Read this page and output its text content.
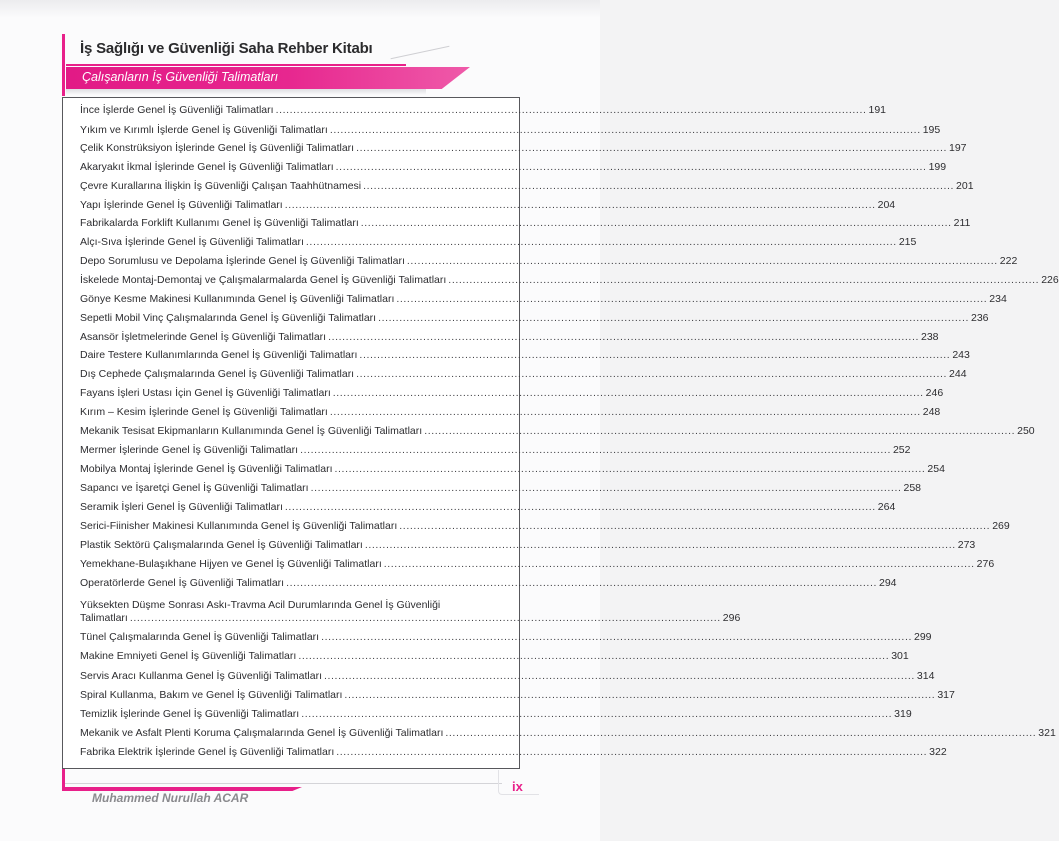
İş Sağlığı ve Güvenliği Saha Rehber Kitabı
Çalışanların İş Güvenliği Talimatları
İnce İşlerde Genel İş Güvenliği Talimatları .....	191
Yıkım ve Kırımlı İşlerde Genel İş Güvenliği Talimatları .....	195
Çelik Konstrüksiyon İşlerinde Genel İş Güvenliği Talimatları .....	197
Akaryakıt İkmal İşlerinde Genel İş Güvenliği Talimatları .....	199
Çevre Kurallarına İlişkin İş Güvenliği Çalışan Taahhütnamesi .....	201
Yapı İşlerinde Genel İş Güvenliği Talimatları .....	204
Fabrikalarda Forklift Kullanımı Genel İş Güvenliği Talimatları .....	211
Alçı-Sıva İşlerinde Genel İş Güvenliği Talimatları .....	215
Depo Sorumlusu ve Depolama İşlerinde Genel İş Güvenliği Talimatları .....	222
İskelede Montaj-Demontaj ve Çalışmalarmalarda Genel İş Güvenliği Talimatları .....	226
Gönye Kesme Makinesi Kullanımında Genel İş Güvenliği Talimatları .....	234
Sepetli Mobil Vinç Çalışmalarında Genel İş Güvenliği Talimatları .....	236
Asansör İşletmelerinde Genel İş Güvenliği Talimatları .....	238
Daire Testere Kullanımlarında Genel İş Güvenliği Talimatları .....	243
Dış Cephede Çalışmalarında Genel İş Güvenliği Talimatları .....	244
Fayans İşleri Ustası İçin Genel İş Güvenliği Talimatları .....	246
Kırım – Kesim İşlerinde Genel İş Güvenliği Talimatları .....	248
Mekanik Tesisat Ekipmanların Kullanımında Genel İş Güvenliği Talimatları .....	250
Mermer İşlerinde Genel İş Güvenliği Talimatları .....	252
Mobilya Montaj İşlerinde Genel İş Güvenliği Talimatları .....	254
Sapancı ve İşaretçi Genel İş Güvenliği Talimatları .....	258
Seramik İşleri Genel İş Güvenliği Talimatları .....	264
Serici-Fiinisher Makinesi Kullanımında Genel İş Güvenliği Talimatları .....	269
Plastik Sektörü Çalışmalarında Genel İş Güvenliği Talimatları .....	273
Yemekhane-Bulaşıkhane Hijyen ve Genel İş Güvenliği Talimatları .....	276
Operatörlerde Genel İş Güvenliği Talimatları .....	294
Yüksekten Düşme Sonrası Askı-Travma Acil Durumlarında Genel İş Güvenliği
Talimatları .....	296
Tünel Çalışmalarında Genel İş Güvenliği Talimatları .....	299
Makine Emniyeti Genel İş Güvenliği Talimatları .....	301
Servis Aracı Kullanma Genel İş Güvenliği Talimatları .....	314
Spiral Kullanma, Bakım ve Genel İş Güvenliği Talimatları .....	317
Temizlik İşlerinde Genel İş Güvenliği Talimatları .....	319
Mekanik ve Asfalt Plenti Koruma Çalışmalarında Genel İş Güvenliği Talimatları .....	321
Fabrika Elektrik İşlerinde Genel İş Güvenliği Talimatları .....	322
Muhammed Nurullah ACAR
ix
